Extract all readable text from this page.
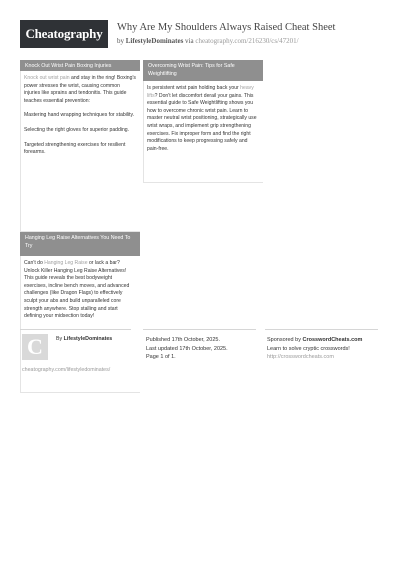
Cheatography Why Are My Shoulders Always Raised Cheat Sheet
by LifestyleDominates via cheatography.com/216230/cs/47201/
Knock Out Wrist Pain Boxing Injuries

Knock out wrist pain and stay in the ring! Boxing's power stresses the wrist, causing common injuries like sprains and tendonitis. This guide teaches essential prevention:

Mastering hand wrapping techniques for stability.

Selecting the right gloves for superior padding.

Targeted strengthening exercises for resilient forearms.

Hanging Leg Raise Alternatives You Need To Try

Can't do Hanging Leg Raise or lack a bar? Unlock Killer Hanging Leg Raise Alternatives! This guide reveals the best bodyweight exercises, incline bench moves, and advanced challenges (like Dragon Flags) to effectively sculpt your abs and build unparalleled core strength anywhere. Stop stalling and start defining your midsection today!

Overcoming Wrist Pain: Tips for Safe Weightlifting

Is persistent wrist pain holding back your heavy lifts? Don't let discomfort derail your gains. This essential guide to Safe Weightlifting shows you how to overcome chronic wrist pain. Learn to master neutral wrist positioning, strategically use wrist wraps, and implement grip strengthening exercises. Fix improper form and find the right modifications to keep progressing safely and pain-free.

C By LifestyleDominates
cheatography.com/lifestyledominates/
Published 17th October, 2025.
Last updated 17th October, 2025.
Page 1 of 1.
Sponsored by CrosswordCheats.com
Learn to solve cryptic crosswords!
http://crosswordcheats.com
